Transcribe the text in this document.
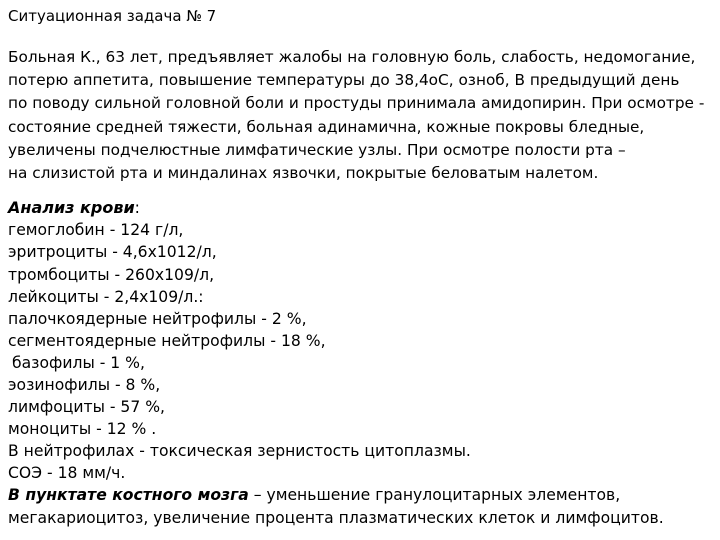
Ситуационная задача № 7
Больная К., 63 лет, предъявляет жалобы на головную боль, слабость, недомогание,
потерю аппетита, повышение температуры до 38,4оС, озноб, В предыдущий день
по поводу сильной головной боли и простуды принимала амидопирин. При осмотре -
состояние средней тяжести, больная адинамична, кожные покровы бледные,
увеличены подчелюстные лимфатические узлы. При осмотре полости рта –
на слизистой рта и миндалинах язвочки, покрытые беловатым налетом.
Анализ крови:
гемоглобин - 124 г/л,
эритроциты - 4,6х1012/л,
тромбоциты - 260х109/л,
лейкоциты - 2,4х109/л.:
палочкоядерные нейтрофилы - 2 %,
сегментоядерные нейтрофилы - 18 %,
базофилы - 1 %,
эозинофилы - 8 %,
лимфоциты - 57 %,
моноциты - 12 % .
В нейтрофилах - токсическая зернистость цитоплазмы.
СОЭ - 18 мм/ч.
В пунктате костного мозга – уменьшение гранулоцитарных элементов,
мегакариоцитоз, увеличение процента плазматических клеток и лимфоцитов.
